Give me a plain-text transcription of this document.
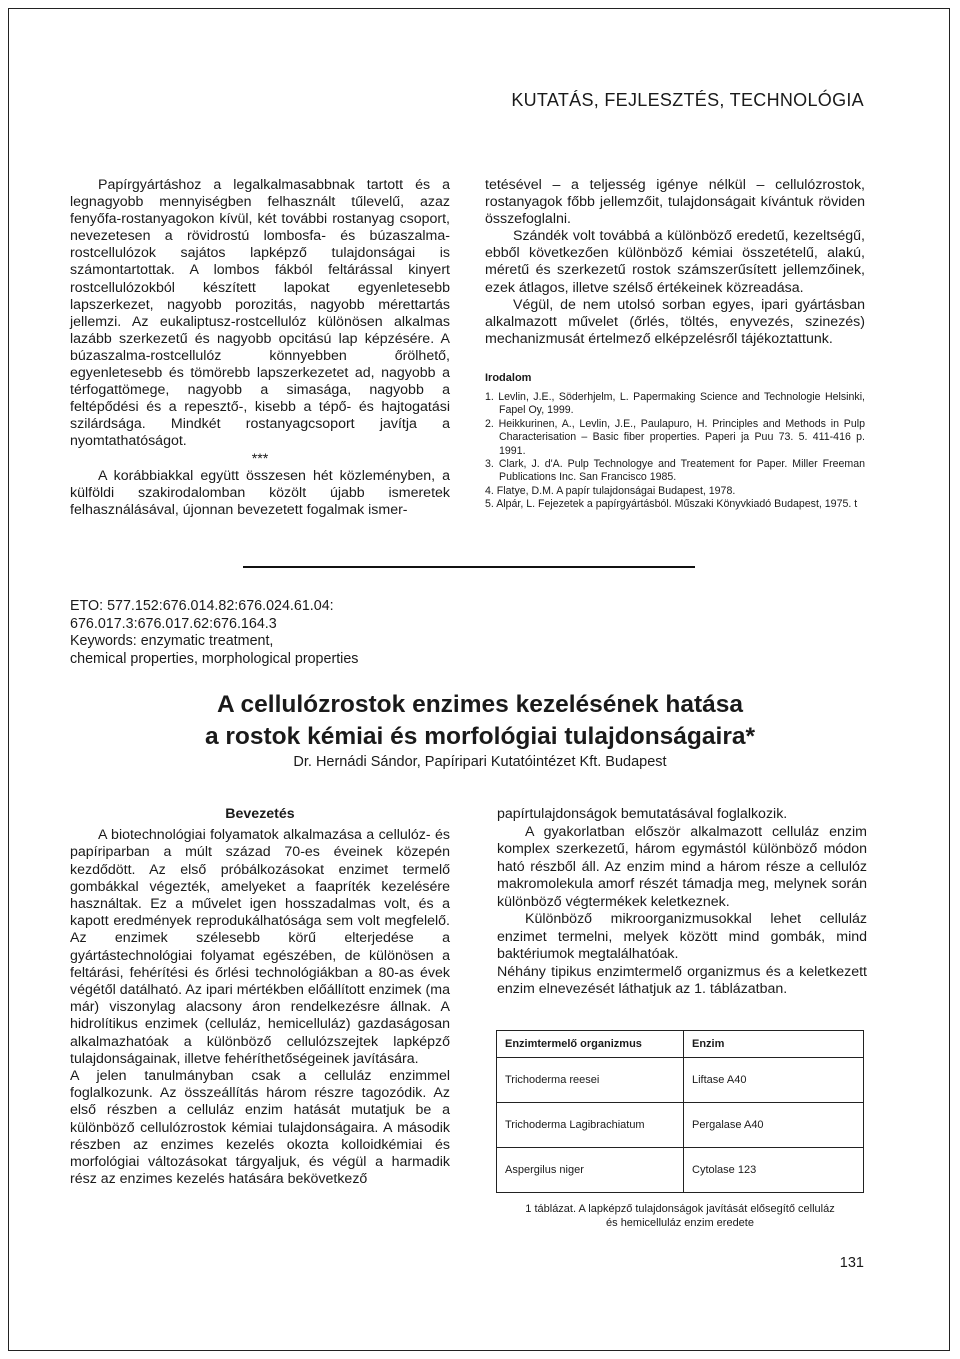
KUTATÁS, FEJLESZTÉS, TECHNOLÓGIA

Papírgyártáshoz a legalkalmasabbnak tartott és a legnagyobb mennyiségben felhasznált tűlevelű, azaz fenyőfa-rostanyagokon kívül, két további rostanyag csoport, nevezetesen a rövidrostú lombosfa- és búzaszalma-rostcellulózok sajátos lapképző tulajdonságai is számontartottak. A lombos fákból feltárással kinyert rostcellulózokból készített lapokat egyenletesebb lapszerkezet, nagyobb porozitás, nagyobb mérettartás jellemzi. Az eukaliptusz-rostcellulóz különösen alkalmas lazább szerkezetű és nagyobb opcitású lap képzésére. A búzaszalma-rostcellulóz könnyebben őrölhető, egyenletesebb és tömörebb lapszerkezetet ad, nagyobb a térfogattömege, nagyobb a simasága, nagyobb a feltépődési és a repesztő-, kisebb a tépő- és hajtogatási szilárdsága. Mindkét rostanyagcsoport javítja a nyomtathatóságot.

***

A korábbiakkal együtt összesen hét közleményben, a külföldi szakirodalomban közölt újabb ismeretek felhasználásával, újonnan bevezetett fogalmak ismer-

tetésével – a teljesség igénye nélkül – cellulózrostok, rostanyagok főbb jellemzőit, tulajdonságait kívántuk röviden összefoglalni.

Szándék volt továbbá a különböző eredetű, kezeltségű, ebből következően különböző kémiai összetételű, alakú, méretű és szerkezetű rostok számszerűsített jellemzőinek, ezek átlagos, illetve szélső értékeinek közreadása.

Végül, de nem utolsó sorban egyes, ipari gyártásban alkalmazott művelet (őrlés, töltés, enyvezés, szinezés) mechanizmusát értelmező elképzelésről tájékoztattunk.

Irodalom
1. Levlin, J.E., Söderhjelm, L. Papermaking Science and Technologie Helsinki, Fapel Oy, 1999.
2. Heikkurinen, A., Levlin, J.E., Paulapuro, H. Principles and Methods in Pulp Characterisation – Basic fiber properties. Paperi ja Puu 73. 5. 411-416 p. 1991.
3. Clark, J. d'A. Pulp Technologye and Treatement for Paper. Miller Freeman Publications Inc. San Francisco 1985.
4. Flatye, D.M. A papír tulajdonságai Budapest, 1978.
5. Alpár, L. Fejezetek a papírgyártásból. Műszaki Könyvkiadó Budapest, 1975. t
ETO: 577.152:676.014.82:676.024.61.04:
676.017.3:676.017.62:676.164.3
Keywords: enzymatic treatment,
chemical properties, morphological properties
A cellulózrostok enzimes kezelésének hatása
a rostok kémiai és morfológiai tulajdonságaira*
Dr. Hernádi Sándor, Papíripari Kutatóintézet Kft. Budapest
Bevezetés

A biotechnológiai folyamatok alkalmazása a cellulóz- és papíriparban a múlt század 70-es éveinek közepén kezdődött. Az első próbálkozásokat enzimet termelő gombákkal végezték, amelyeket a faapríték kezelésére használtak. Ez a művelet igen hosszadalmas volt, és a kapott eredmények reprodukálhatósága sem volt megfelelő. Az enzimek szélesebb körű elterjedése a gyártástechnológiai folyamat egészében, de különösen a feltárási, fehérítési és őrlési technológiákban a 80-as évek végétől datálható. Az ipari mértékben előállított enzimek (ma már) viszonylag alacsony áron rendelkezésre állnak. A hidrolítikus enzimek (celluláz, hemicelluláz) gazdaságosan alkalmazhatóak a különböző cellulózszejtek lapképző tulajdonságainak, illetve fehéríthetőségeinek javítására.

A jelen tanulmányban csak a celluláz enzimmel foglalkozunk. Az összeállítás három részre tagozódik. Az első részben a celluláz enzim hatását mutatjuk be a különböző cellulózrostok kémiai tulajdonságaira. A második részben az enzimes kezelés okozta kolloidkémiai és morfológiai változásokat tárgyaljuk, és végül a harmadik rész az enzimes kezelés hatására bekövetkező

papírtulajdonságok bemutatásával foglalkozik.

A gyakorlatban először alkalmazott celluláz enzim komplex szerkezetű, három egymástól különböző módon ható részből áll. Az enzim mind a három része a cellulóz makromolekula amorf részét támadja meg, melynek során különböző végtermékek keletkeznek.

Különböző mikroorganizmusokkal lehet celluláz enzimet termelni, melyek között mind gombák, mind baktériumok megtalálhatóak.

Néhány tipikus enzimtermelő organizmus és a keletkezett enzim elnevezését láthatjuk az 1. táblázatban.

Enzimtermelő organizmus	Enzim
Trichoderma reesei	Liftase A40
Trichoderma Lagibrachiatum	Pergalase A40
Aspergilus niger	Cytolase 123
1 táblázat. A lapképző tulajdonságok javítását elősegítő celluláz
és hemicelluláz enzim eredete
131
